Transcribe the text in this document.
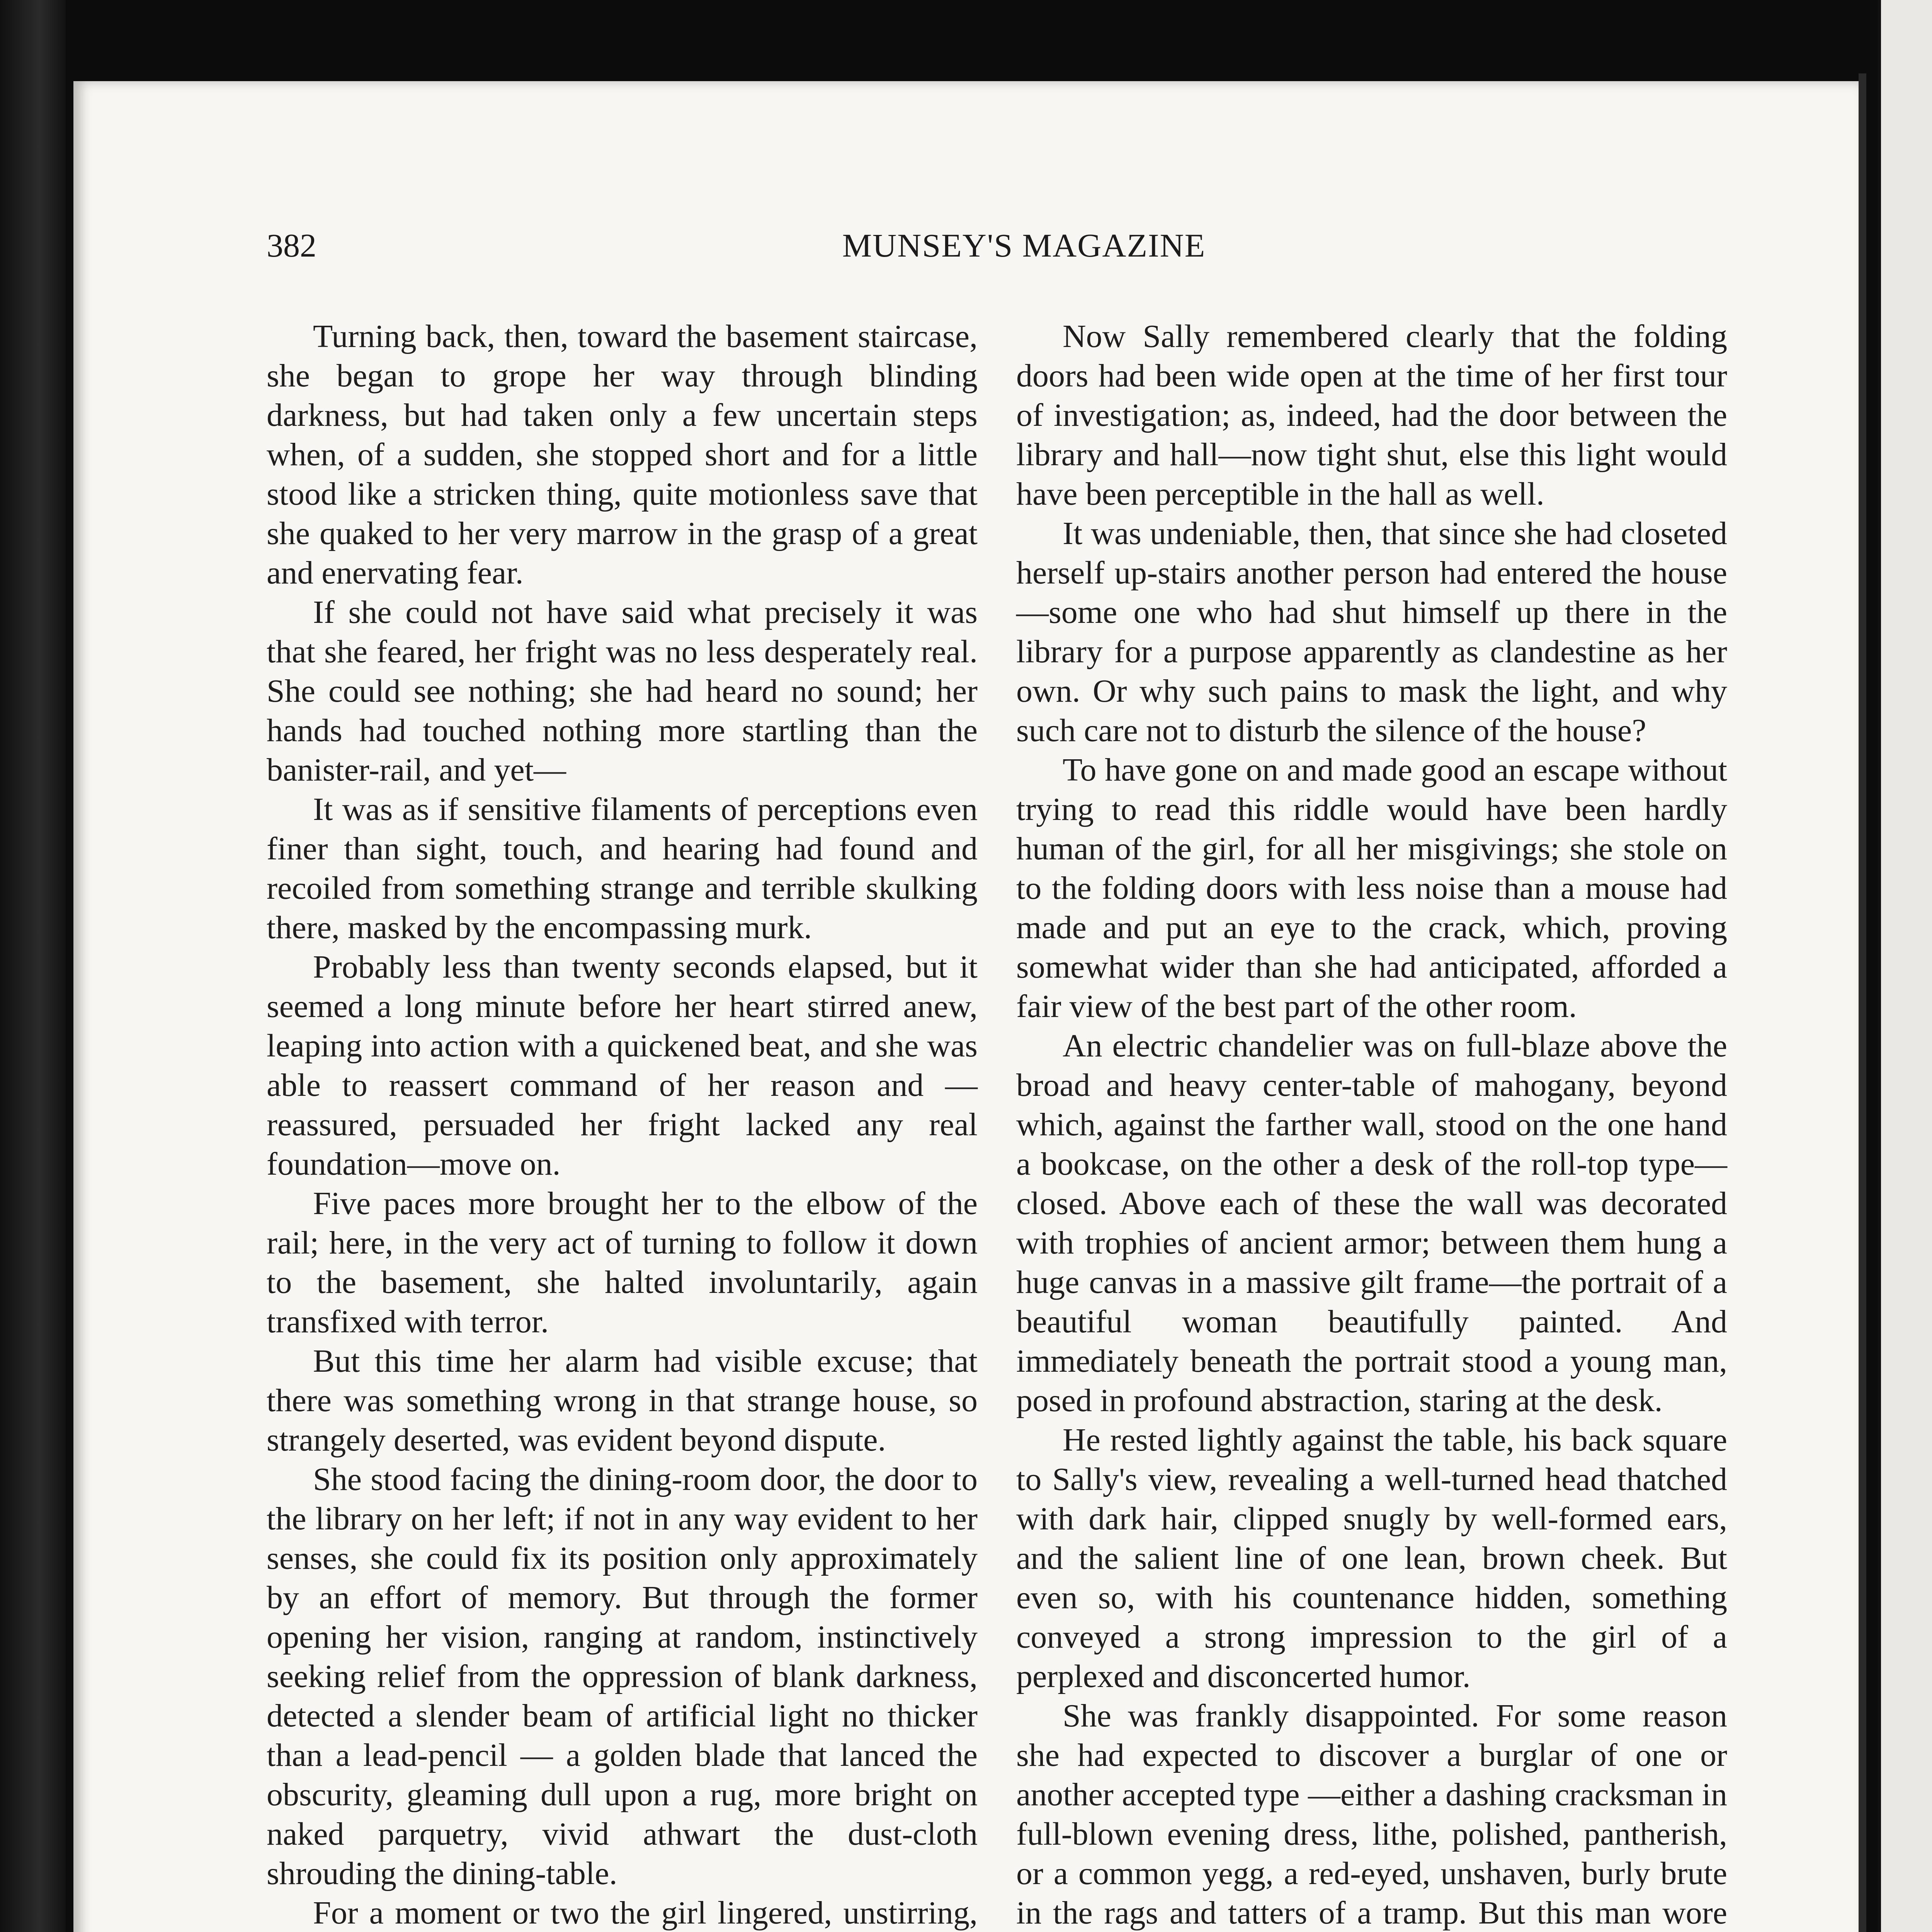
382	MUNSEY'S MAGAZINE

Turning back, then, toward the basement staircase, she began to grope her way through blinding darkness, but had taken only a few uncertain steps when, of a sudden, she stopped short and for a little stood like a stricken thing, quite motionless save that she quaked to her very marrow in the grasp of a great and enervating fear.

If she could not have said what precisely it was that she feared, her fright was no less desperately real. She could see nothing; she had heard no sound; her hands had touched nothing more startling than the banister-rail, and yet—

It was as if sensitive filaments of perceptions even finer than sight, touch, and hearing had found and recoiled from something strange and terrible skulking there, masked by the encompassing murk.

Probably less than twenty seconds elapsed, but it seemed a long minute before her heart stirred anew, leaping into action with a quickened beat, and she was able to reassert command of her reason and —reassured, persuaded her fright lacked any real foundation—move on.

Five paces more brought her to the elbow of the rail; here, in the very act of turning to follow it down to the basement, she halted involuntarily, again transfixed with terror.

But this time her alarm had visible excuse; that there was something wrong in that strange house, so strangely deserted, was evident beyond dispute.

She stood facing the dining-room door, the door to the library on her left; if not in any way evident to her senses, she could fix its position only approximately by an effort of memory. But through the former opening her vision, ranging at random, instinctively seeking relief from the oppression of blank darkness, detected a slender beam of artificial light no thicker than a lead-pencil — a golden blade that lanced the obscurity, gleaming dull upon a rug, more bright on naked parquetry, vivid athwart the dust-cloth shrouding the dining-table.

For a moment or two the girl lingered, unstirring,

Now Sally remembered clearly that the folding doors had been wide open at the time of her first tour of investigation; as, indeed, had the door between the library and hall—now tight shut, else this light would have been perceptible in the hall as well.

It was undeniable, then, that since she had closeted herself up-stairs another person had entered the house—some one who had shut himself up there in the library for a purpose apparently as clandestine as her own. Or why such pains to mask the light, and why such care not to disturb the silence of the house?

To have gone on and made good an escape without trying to read this riddle would have been hardly human of the girl, for all her misgivings; she stole on to the folding doors with less noise than a mouse had made and put an eye to the crack, which, proving somewhat wider than she had anticipated, afforded a fair view of the best part of the other room.

An electric chandelier was on full-blaze above the broad and heavy center-table of mahogany, beyond which, against the farther wall, stood on the one hand a bookcase, on the other a desk of the roll-top type—closed. Above each of these the wall was decorated with trophies of ancient armor; between them hung a huge canvas in a massive gilt frame—the portrait of a beautiful woman beautifully painted. And immediately beneath the portrait stood a young man, posed in profound abstraction, staring at the desk.

He rested lightly against the table, his back square to Sally's view, revealing a well-turned head thatched with dark hair, clipped snugly by well-formed ears, and the salient line of one lean, brown cheek. But even so, with his countenance hidden, something conveyed a strong impression to the girl of a perplexed and disconcerted humor.

She was frankly disappointed. For some reason she had expected to discover a burglar of one or another accepted type —either a dashing cracksman in full-blown evening dress, lithe, polished, pantherish, or a common yegg, a red-eyed, unshaven, burly brute in the rags and tatters of a tramp. But this man wore
